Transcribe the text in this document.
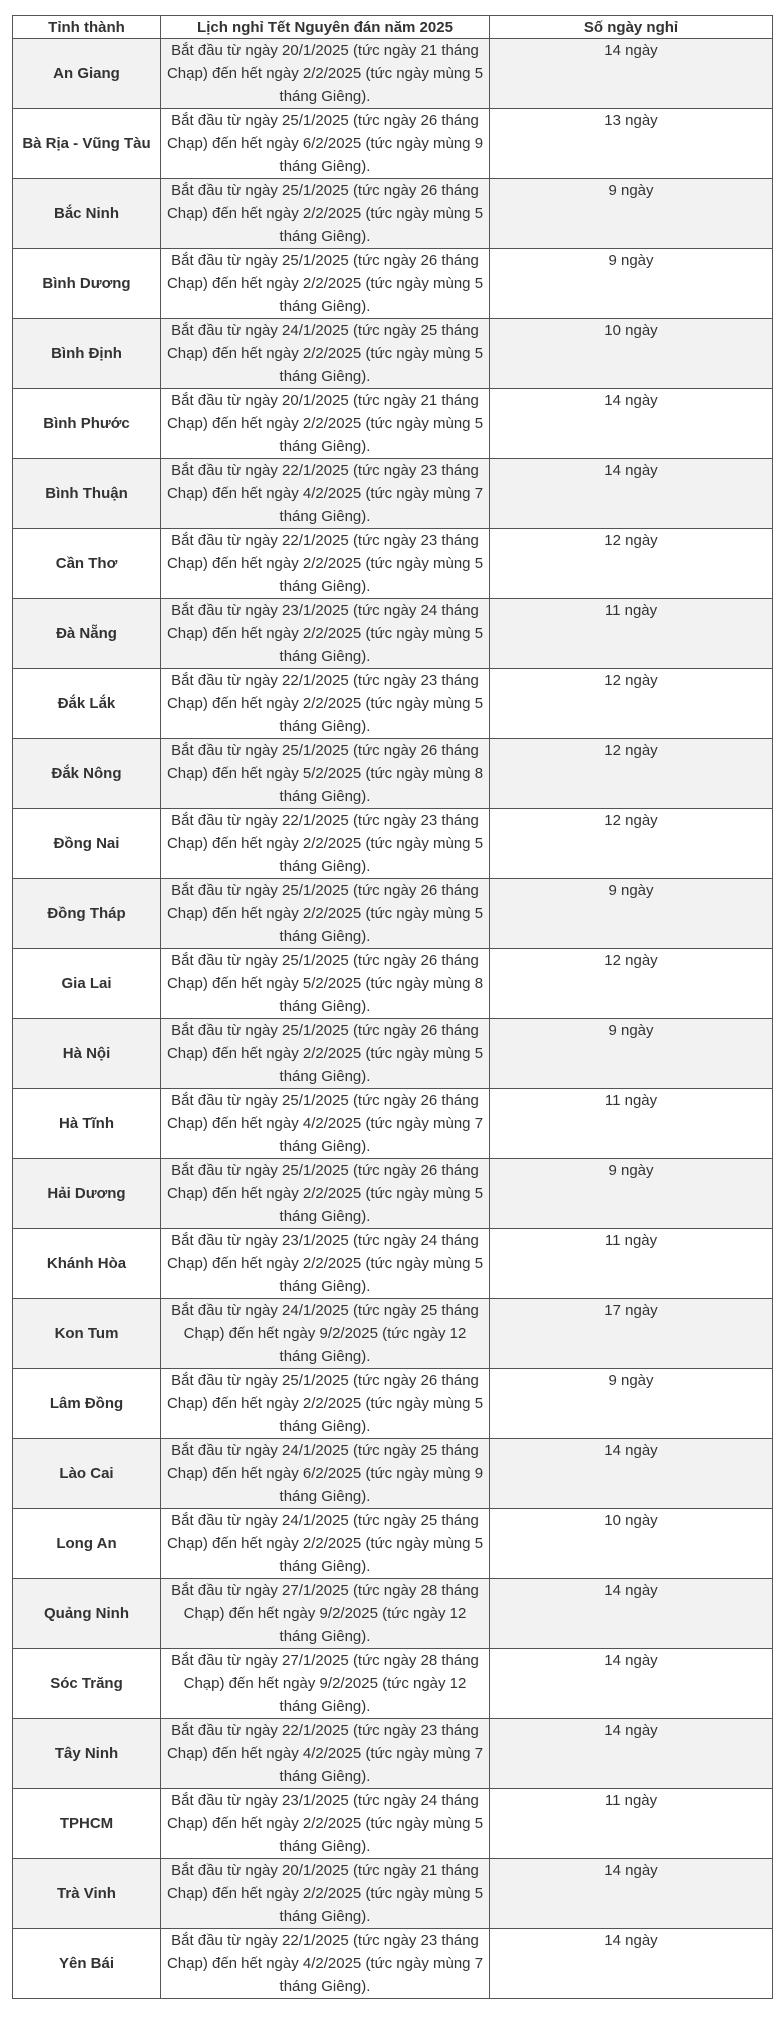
Tỉnh thành	Lịch nghỉ Tết Nguyên đán năm 2025	Số ngày nghỉ
An Giang	Bắt đầu từ ngày 20/1/2025 (tức ngày 21 tháng Chạp) đến hết ngày 2/2/2025 (tức ngày mùng 5 tháng Giêng).	14 ngày
Bà Rịa - Vũng Tàu	Bắt đầu từ ngày 25/1/2025 (tức ngày 26 tháng Chạp) đến hết ngày 6/2/2025 (tức ngày mùng 9 tháng Giêng).	13 ngày
Bắc Ninh	Bắt đầu từ ngày 25/1/2025 (tức ngày 26 tháng Chạp) đến hết ngày 2/2/2025 (tức ngày mùng 5 tháng Giêng).	9 ngày
Bình Dương	Bắt đầu từ ngày 25/1/2025 (tức ngày 26 tháng Chạp) đến hết ngày 2/2/2025 (tức ngày mùng 5 tháng Giêng).	9 ngày
Bình Định	Bắt đầu từ ngày 24/1/2025 (tức ngày 25 tháng Chạp) đến hết ngày 2/2/2025 (tức ngày mùng 5 tháng Giêng).	10 ngày
Bình Phước	Bắt đầu từ ngày 20/1/2025 (tức ngày 21 tháng Chạp) đến hết ngày 2/2/2025 (tức ngày mùng 5 tháng Giêng).	14 ngày
Bình Thuận	Bắt đầu từ ngày 22/1/2025 (tức ngày 23 tháng Chạp) đến hết ngày 4/2/2025 (tức ngày mùng 7 tháng Giêng).	14 ngày
Cần Thơ	Bắt đầu từ ngày 22/1/2025 (tức ngày 23 tháng Chạp) đến hết ngày 2/2/2025 (tức ngày mùng 5 tháng Giêng).	12 ngày
Đà Nẵng	Bắt đầu từ ngày 23/1/2025 (tức ngày 24 tháng Chạp) đến hết ngày 2/2/2025 (tức ngày mùng 5 tháng Giêng).	11 ngày
Đắk Lắk	Bắt đầu từ ngày 22/1/2025 (tức ngày 23 tháng Chạp) đến hết ngày 2/2/2025 (tức ngày mùng 5 tháng Giêng).	12 ngày
Đắk Nông	Bắt đầu từ ngày 25/1/2025 (tức ngày 26 tháng Chạp) đến hết ngày 5/2/2025 (tức ngày mùng 8 tháng Giêng).	12 ngày
Đồng Nai	Bắt đầu từ ngày 22/1/2025 (tức ngày 23 tháng Chạp) đến hết ngày 2/2/2025 (tức ngày mùng 5 tháng Giêng).	12 ngày
Đồng Tháp	Bắt đầu từ ngày 25/1/2025 (tức ngày 26 tháng Chạp) đến hết ngày 2/2/2025 (tức ngày mùng 5 tháng Giêng).	9 ngày
Gia Lai	Bắt đầu từ ngày 25/1/2025 (tức ngày 26 tháng Chạp) đến hết ngày 5/2/2025 (tức ngày mùng 8 tháng Giêng).	12 ngày
Hà Nội	Bắt đầu từ ngày 25/1/2025 (tức ngày 26 tháng Chạp) đến hết ngày 2/2/2025 (tức ngày mùng 5 tháng Giêng).	9 ngày
Hà Tĩnh	Bắt đầu từ ngày 25/1/2025 (tức ngày 26 tháng Chạp) đến hết ngày 4/2/2025 (tức ngày mùng 7 tháng Giêng).	11 ngày
Hải Dương	Bắt đầu từ ngày 25/1/2025 (tức ngày 26 tháng Chạp) đến hết ngày 2/2/2025 (tức ngày mùng 5 tháng Giêng).	9 ngày
Khánh Hòa	Bắt đầu từ ngày 23/1/2025 (tức ngày 24 tháng Chạp) đến hết ngày 2/2/2025 (tức ngày mùng 5 tháng Giêng).	11 ngày
Kon Tum	Bắt đầu từ ngày 24/1/2025 (tức ngày 25 tháng Chạp) đến hết ngày 9/2/2025 (tức ngày 12 tháng Giêng).	17 ngày
Lâm Đồng	Bắt đầu từ ngày 25/1/2025 (tức ngày 26 tháng Chạp) đến hết ngày 2/2/2025 (tức ngày mùng 5 tháng Giêng).	9 ngày
Lào Cai	Bắt đầu từ ngày 24/1/2025 (tức ngày 25 tháng Chạp) đến hết ngày 6/2/2025 (tức ngày mùng 9 tháng Giêng).	14 ngày
Long An	Bắt đầu từ ngày 24/1/2025 (tức ngày 25 tháng Chạp) đến hết ngày 2/2/2025 (tức ngày mùng 5 tháng Giêng).	10 ngày
Quảng Ninh	Bắt đầu từ ngày 27/1/2025 (tức ngày 28 tháng Chạp) đến hết ngày 9/2/2025 (tức ngày 12 tháng Giêng).	14 ngày
Sóc Trăng	Bắt đầu từ ngày 27/1/2025 (tức ngày 28 tháng Chạp) đến hết ngày 9/2/2025 (tức ngày 12 tháng Giêng).	14 ngày
Tây Ninh	Bắt đầu từ ngày 22/1/2025 (tức ngày 23 tháng Chạp) đến hết ngày 4/2/2025 (tức ngày mùng 7 tháng Giêng).	14 ngày
TPHCM	Bắt đầu từ ngày 23/1/2025 (tức ngày 24 tháng Chạp) đến hết ngày 2/2/2025 (tức ngày mùng 5 tháng Giêng).	11 ngày
Trà Vinh	Bắt đầu từ ngày 20/1/2025 (tức ngày 21 tháng Chạp) đến hết ngày 2/2/2025 (tức ngày mùng 5 tháng Giêng).	14 ngày
Yên Bái	Bắt đầu từ ngày 22/1/2025 (tức ngày 23 tháng Chạp) đến hết ngày 4/2/2025 (tức ngày mùng 7 tháng Giêng).	14 ngày
